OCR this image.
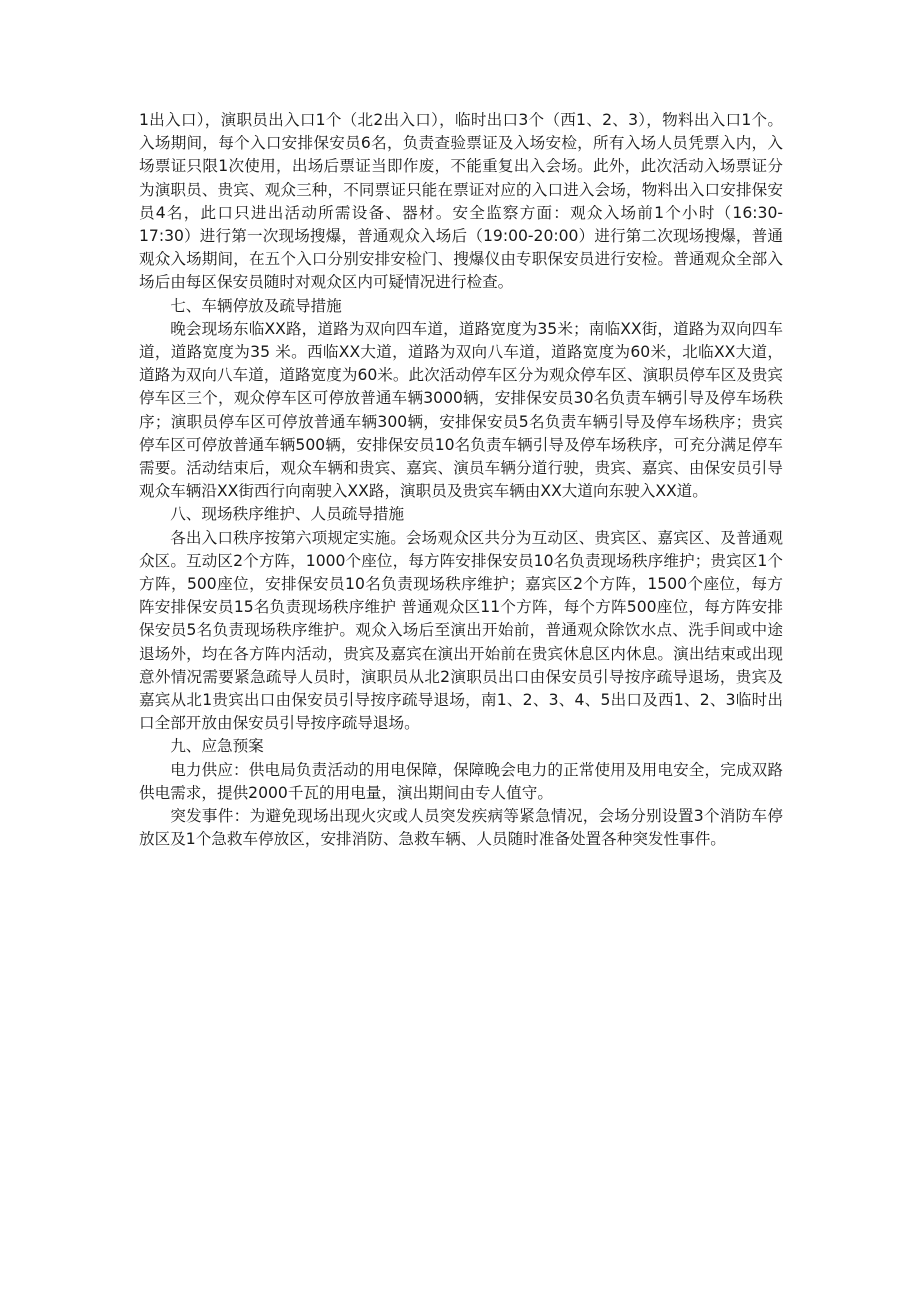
1出入口），演职员出入口1个（北2出入口），临时出口3个（西1、2、3），物料出入口1个。入场期间，每个入口安排保安员6名，负责查验票证及入场安检，所有入场人员凭票入内，入场票证只限1次使用，出场后票证当即作废，不能重复出入会场。此外，此次活动入场票证分为演职员、贵宾、观众三种，不同票证只能在票证对应的入口进入会场，物料出入口安排保安员4名，此口只进出活动所需设备、器材。安全监察方面：观众入场前1个小时（16:30-17:30）进行第一次现场搜爆，普通观众入场后（19:00-20:00）进行第二次现场搜爆，普通观众入场期间，在五个入口分别安排安检门、搜爆仪由专职保安员进行安检。普通观众全部入场后由每区保安员随时对观众区内可疑情况进行检查。

七、车辆停放及疏导措施

晚会现场东临XX路，道路为双向四车道，道路宽度为35米；南临XX街，道路为双向四车道，道路宽度为35 米。西临XX大道，道路为双向八车道，道路宽度为60米，北临XX大道，道路为双向八车道，道路宽度为60米。此次活动停车区分为观众停车区、演职员停车区及贵宾停车区三个，观众停车区可停放普通车辆3000辆，安排保安员30名负责车辆引导及停车场秩序；演职员停车区可停放普通车辆300辆，安排保安员5名负责车辆引导及停车场秩序；贵宾停车区可停放普通车辆500辆，安排保安员10名负责车辆引导及停车场秩序，可充分满足停车需要。活动结束后，观众车辆和贵宾、嘉宾、演员车辆分道行驶，贵宾、嘉宾、由保安员引导观众车辆沿XX街西行向南驶入XX路，演职员及贵宾车辆由XX大道向东驶入XX道。

八、现场秩序维护、人员疏导措施

各出入口秩序按第六项规定实施。会场观众区共分为互动区、贵宾区、嘉宾区、及普通观众区。互动区2个方阵，1000个座位，每方阵安排保安员10名负责现场秩序维护；贵宾区1个方阵，500座位，安排保安员10名负责现场秩序维护；嘉宾区2个方阵，1500个座位，每方阵安排保安员15名负责现场秩序维护 普通观众区11个方阵，每个方阵500座位，每方阵安排保安员5名负责现场秩序维护。观众入场后至演出开始前，普通观众除饮水点、洗手间或中途退场外，均在各方阵内活动，贵宾及嘉宾在演出开始前在贵宾休息区内休息。演出结束或出现意外情况需要紧急疏导人员时，演职员从北2演职员出口由保安员引导按序疏导退场，贵宾及嘉宾从北1贵宾出口由保安员引导按序疏导退场，南1、2、3、4、5出口及西1、2、3临时出口全部开放由保安员引导按序疏导退场。

九、应急预案

电力供应：供电局负责活动的用电保障，保障晚会电力的正常使用及用电安全，完成双路供电需求，提供2000千瓦的用电量，演出期间由专人值守。

突发事件：为避免现场出现火灾或人员突发疾病等紧急情况，会场分别设置3个消防车停放区及1个急救车停放区，安排消防、急救车辆、人员随时准备处置各种突发性事件。
